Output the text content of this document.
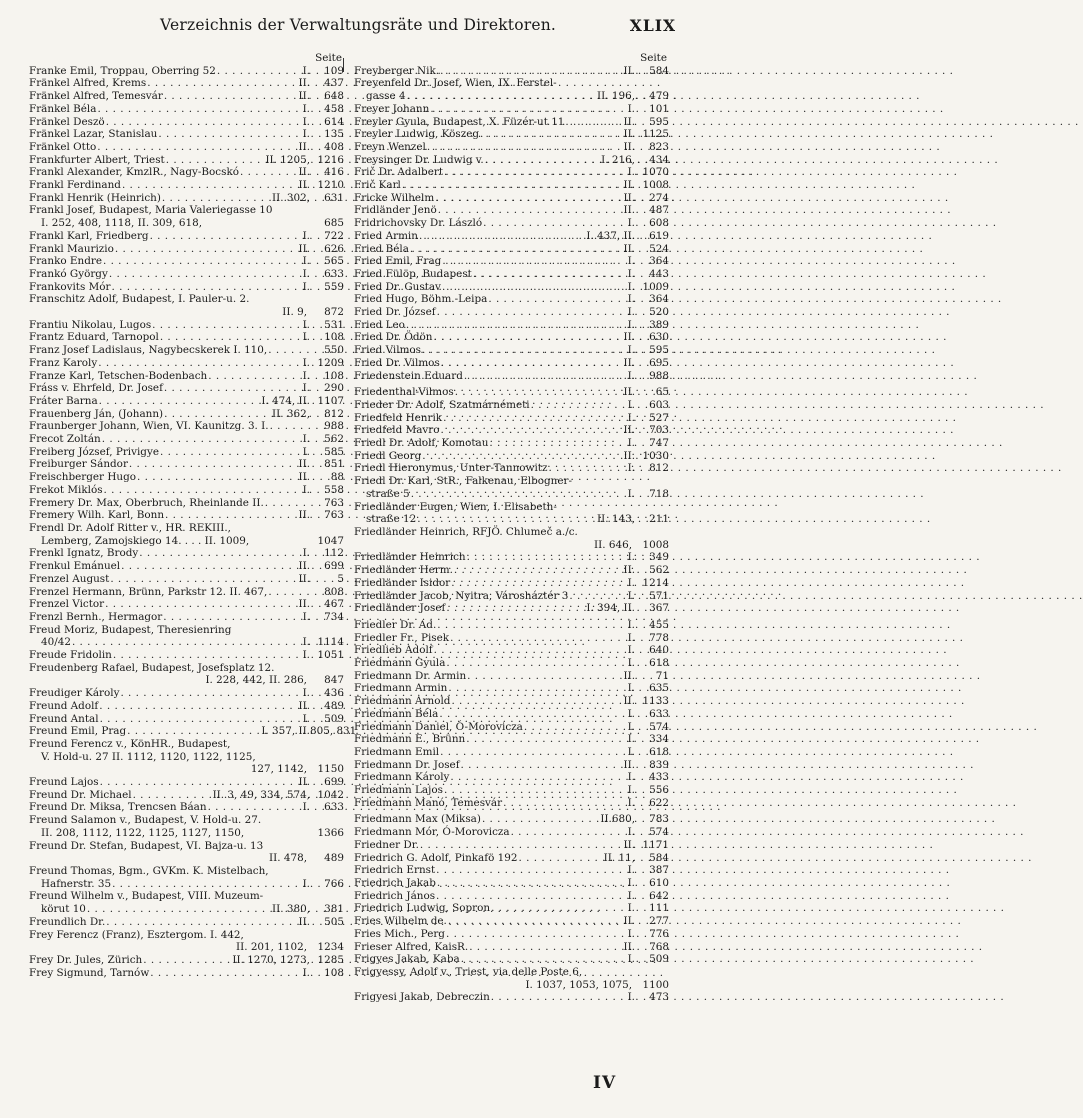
Verzeichnis der Verwaltungsräte und Direktoren.	XLIX
Seite
Franke Emil, Troppau, Oberring 52 . . .	I.	109
Fränkel Alfred, Krems . . .	II.	437
Fränkel Alfred, Temesvár . . .	II.	648
Fränkel Béla . . .	I.	458
Fränkel Deszö . . .	I.	614
Fränkel Lazar, Stanislau . . .	I.	135
Fränkel Otto . . .	II.	408
Frankfurter Albert, Triest . . .	II. 1205, 1216
Frankl Alexander, KmzlR., Nagy-Bocskó . . .	II.	416
Frankl Ferdinand . . .	II. 1210
Frankl Henrik (Heinrich) . . .	II. 302,	631
Frankl Josef, Budapest, Maria Valeriegasse 10
I. 252, 408, 1118, II. 309, 618,	685
Frankl Karl, Friedberg . . .	I.	722
Frankl Maurizio . . .	II.	626
Franko Endre . . .	I.	565
Frankó György . . .	I.	633
Frankovits Mór . . .	I.	559
Franschitz Adolf, Budapest, I. Pauler-u. 2.
II. 9,	872
Frantiu Nikolau, Lugos . . .	I.	531
Frantz Eduard, Tarnopol . . .	I.	108
Franz Josef Ladislaus, Nagybecskerek I. 110, . . .	550
Franz Karoly . . .	I. 1209
Franze Karl, Tetschen-Bodenbach . . .	I.	108
Fráss v. Ehrfeld, Dr. Josef . . .	I.	290
Fráter Barna . . .	I. 474, II. 1107
Frauenberg Ján, (Johann) . . .	II. 362,	812
Fraunberger Johann, Wien, VI. Kaunitzg. 3. I. . . .	988
Frecot Zoltán . . .	I.	562
Freiberg József, Privigye . . .	I.	585
Freiburger Sándor . . .	II.	851
Freischberger Hugo . . .	II.	88
Frekot Miklós . . .	I.	558
Fremery Dr. Max, Oberbruch, Rheinlande II. . . .	763
Fremery Wilh. Karl, Bonn . . .	II.	763
Frendl Dr. Adolf Ritter v., HR. REKIII.,
Lemberg, Zamojskiego 14. . . . II. 1009,	1047
Frenkl Ignatz, Brody . . .	I.	112
Frenkul Emánuel . . .	II.	699
Frenzel August . . .	II.	5
Frenzel Hermann, Brünn, Parkstr 12. II. 467, . . .	808
Frenzel Victor . . .	II.	467
Frenzl Bernh., Hermagor . . .	I.	734
Freud Moriz, Budapest, Theresienring
40/42 . . .	I. 1114
Freude Fridolin . . .	I. 1051
Freudenberg Rafael, Budapest, Josefsplatz 12.
I. 228, 442, II. 286,	847
Freudiger Károly . . .	I.	436
Freund Adolf . . .	II.	489
Freund Antal . . .	I.	509
Freund Emil, Prag . . .	I. 357, II. 805, 831
Freund Ferencz v., KönHR., Budapest,
V. Hold-u. 27 II. 1112, 1120, 1122, 1125,
127, 1142,	1150
Freund Lajos . . .	II.	699
Freund Dr. Michael . . .	II. 3, 49, 334, 574, 1042
Freund Dr. Miksa, Trencsen Báan . . .	I.	633
Freund Salamon v., Budapest, V. Hold-u. 27.
II. 208, 1112, 1122, 1125, 1127, 1150,	1366
Freund Dr. Stefan, Budapest, VI. Bajza-u. 13
II. 478,	489
Freund Thomas, Bgm., GVKm. K. Mistelbach,
Hafnerstr. 35 . . .	I.	766
Freund Wilhelm v., Budapest, VIII. Muzeum-
körut 10 . . .	II. 380,	381
Freundlich Dr. . . .	II.	505
Frey Ferencz (Franz), Esztergom. I. 442,
II. 201, 1102,	1234
Frey Dr. Jules, Zürich . . .	II. 1270, 1273, 1285
Frey Sigmund, Tarnów . . .	I.	108
Seite
Freyberger Nik. . . .	II.	584
Freyenfeld Dr. Josef, Wien, IX. Ferstel-
gasse 4 . . .	II. 196,	479
Freyer Johann . . .	I.	101
Freyler Gyula, Budapest, X. Füzér-ut 11 . . .	II.	595
Freyler Ludwig, Köszeg . . .	II. 1125
Freyn Wenzel . . .	II.	823
Freysinger Dr. Ludwig v. . . .	I. 216,	434
Frič Dr. Adalbert . . .	I. 1070
Frič Karl . . .	II. 1008
Fricke Wilhelm . . .	II.	274
Fridländer Jenö . . .	II.	487
Fridrichovsky Dr. László . . .	I.	608
Fried Armin . . .	I. 437, II.	619
Fried Béla . . .	II.	524
Fried Emil, Frag . . .	I.	364
Fried Fülöp, Budapest . . .	I.	443
Fried Dr. Gustav . . .	I. 1009
Fried Hugo, Böhm.-Leipa . . .	I.	364
Fried Dr. József . . .	I.	520
Fried Leo . . .	I.	389
Fried Dr. Ödön . . .	II.	630
Fried Vilmos . . .	I.	595
Fried Dr. Vilmos . . .	II.	695
Friedenstein Eduard . . .	I.	988
Friedenthal-Vilmos . . .	II.	65
Frieder Dr. Adolf, Szatmárnémeti . . .	I.	603
Friedfeld Henrik . . .	I.	527
Friedfeld Mavro . . .	II.	703
Friedl Dr. Adolf, Komotau . . .	I.	747
Friedl Georg . . .	II. 1030
Friedl Hieronymus, Unter-Tannowitz . . .	I.	812
Friedl Dr. Karl, StR., Falkenau, Elbogner-
straße 5 . . .	I.	718
Friedländer Eugen, Wien, I. Elisabeth-
straße 12 . . .	II. 143,	211
Friedländer Heinrich, RFJÖ. Chlumeč a./c.
II. 646,	1008
Friedländer Heinrich . . .	I.	349
Friedländer Herm. . . .	II.	562
Friedländer Isidor . . .	I. 1214
Friedländer Jacob, Nyitra, Városháztér 3 . . .	I.	571
Friedländer Josef . . .	I. 394, II.	367
Friedler Dr. Ad. . . .	I.	455
Friedler Fr., Pisek . . .	I.	778
Friedlieb Adolf . . .	I.	640
Friedmann Gyula . . .	I.	618
Friedmann Dr. Armin . . .	II.	71
Friedmann Armin . . .	I.	635
Friedmann Arnold . . .	II. 1133
Friedmann Béla . . .	I.	633
Friedmann Daniel, Ó-Morovicza . . .	I.	574
Friedmann E., Brünn . . .	I.	334
Friedmann Emil . . .	I.	618
Friedmann Dr. Josef . . .	II.	839
Friedmann Károly . . .	I.	433
Friedmann Lajos . . .	I.	556
Friedmann Manó, Temesvár . . .	I.	622
Friedmann Max (Miksa) . . .	II.680,	783
Friedmann Mór, Ó-Morovicza . . .	I.	574
Friedner Dr. . . .	II. 1171
Friedrich G. Adolf, Pinkafö 192 . . .	II. 11,	584
Friedrich Ernst . . .	I.	387
Friedrich Jakab . . .	I.	610
Friedrich János . . .	I.	642
Friedrich Ludwig, Sopron . . .	I.	111
Fries Wilhelm de. . . .	II.	277
Fries Mich., Perg . . .	I.	776
Frieser Alfred, KaisR. . . .	II.	768
Frigyes Jakab, Kaba . . .	I.	509
Frigyessy, Adolf v., Triest, via delle Poste 6,
I. 1037, 1053, 1075,	1100
Frigyesi Jakab, Debreczin . . .	I.	473
IV
